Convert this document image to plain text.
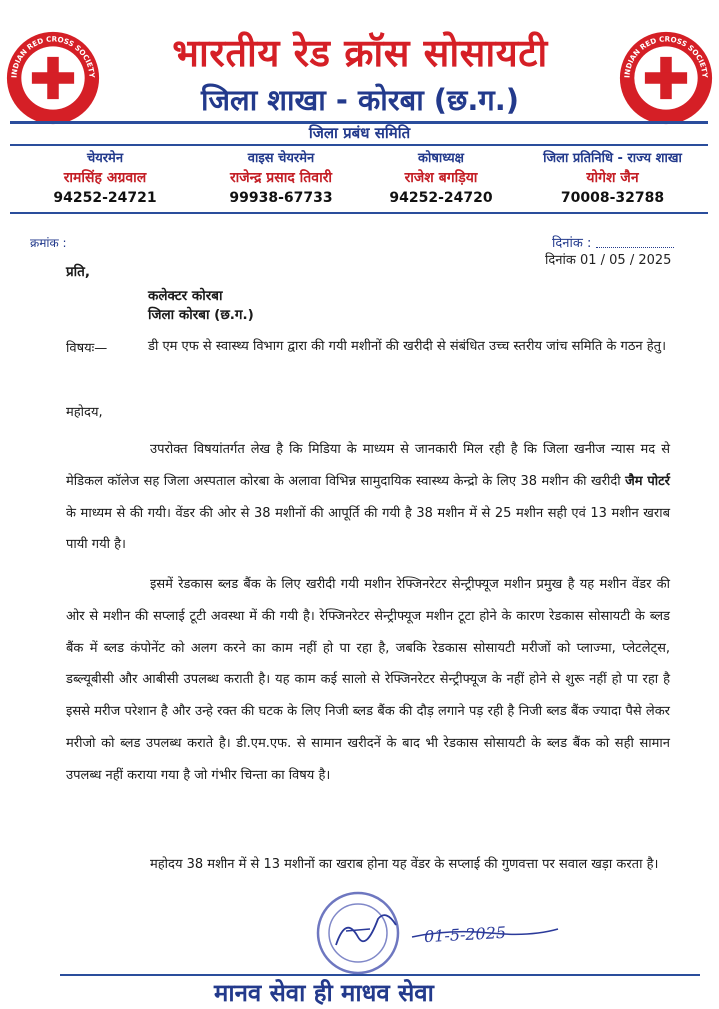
INDIAN RED CROSS SOCIETY	INDIAN RED CROSS SOCIETY
भारतीय रेड क्रॉस सोसायटी
जिला शाखा - कोरबा (छ.ग.)
जिला प्रबंध समिति
चेयरमेन
रामसिंह अग्रवाल
94252-24721
वाइस चेयरमेन
राजेन्द्र प्रसाद तिवारी
99938-67733
कोषाध्यक्ष
राजेश बगड़िया
94252-24720
जिला प्रतिनिधि - राज्य शाखा
योगेश जैन
70008-32788
क्रमांक :	दिनांक :
दिनांक 01 / 05 / 2025
प्रति,
कलेक्टर कोरबा
जिला कोरबा (छ.ग.)
विषयः—	डी एम एफ से स्वास्थ्य विभाग द्वारा की गयी मशीनों की खरीदी से संबंधित उच्च स्तरीय जांच समिति के गठन हेतु।
महोदय,
उपरोक्त विषयांतर्गत लेख है कि मिडिया के माध्यम से जानकारी मिल रही है कि जिला खनीज न्यास मद से मेडिकल कॉलेज सह जिला अस्पताल कोरबा के अलावा विभिन्न सामुदायिक स्वास्थ्य केन्द्रो के लिए 38 मशीन की खरीदी जैम पोटर्र के माध्यम से की गयी। वेंडर की ओर से 38 मशीनों की आपूर्ति की गयी है 38 मशीन में से 25 मशीन सही एवं 13 मशीन खराब पायी गयी है।
इसमें रेडकास ब्लड बैंक के लिए खरीदी गयी मशीन रेफ्जिनरेटर सेन्ट्रीफ्यूज मशीन प्रमुख है यह मशीन वेंडर की ओर से मशीन की सप्लाई टूटी अवस्था में की गयी है। रेफ्जिनरेटर सेन्ट्रीफ्यूज मशीन टूटा होने के कारण रेडकास सोसायटी के ब्लड बैंक में ब्लड कंपोनेंट को अलग करने का काम नहीं हो पा रहा है, जबकि रेडकास सोसायटी मरीजों को प्लाज्मा, प्लेटलेट्स, डब्ल्यूबीसी और आबीसी उपलब्ध कराती है। यह काम कई सालो से रेफ्जिनरेटर सेन्ट्रीफ्यूज के नहीं होने से शुरू नहीं हो पा रहा है इससे मरीज परेशान है और उन्हे रक्त की घटक के लिए निजी ब्लड बैंक की दौड़ लगाने पड़ रही है निजी ब्लड बैंक ज्यादा पैसे लेकर मरीजो को ब्लड उपलब्ध कराते है। डी.एम.एफ. से सामान खरीदनें के बाद भी रेडकास सोसायटी के ब्लड बैंक को सही सामान उपलब्ध नहीं कराया गया है जो गंभीर चिन्ता का विषय है।
महोदय 38 मशीन में से 13 मशीनों का खराब होना यह वेंडर के सप्लाई की गुणवत्ता पर सवाल खड़ा करता है।
01-5-2025
मानव सेवा ही माधव सेवा
